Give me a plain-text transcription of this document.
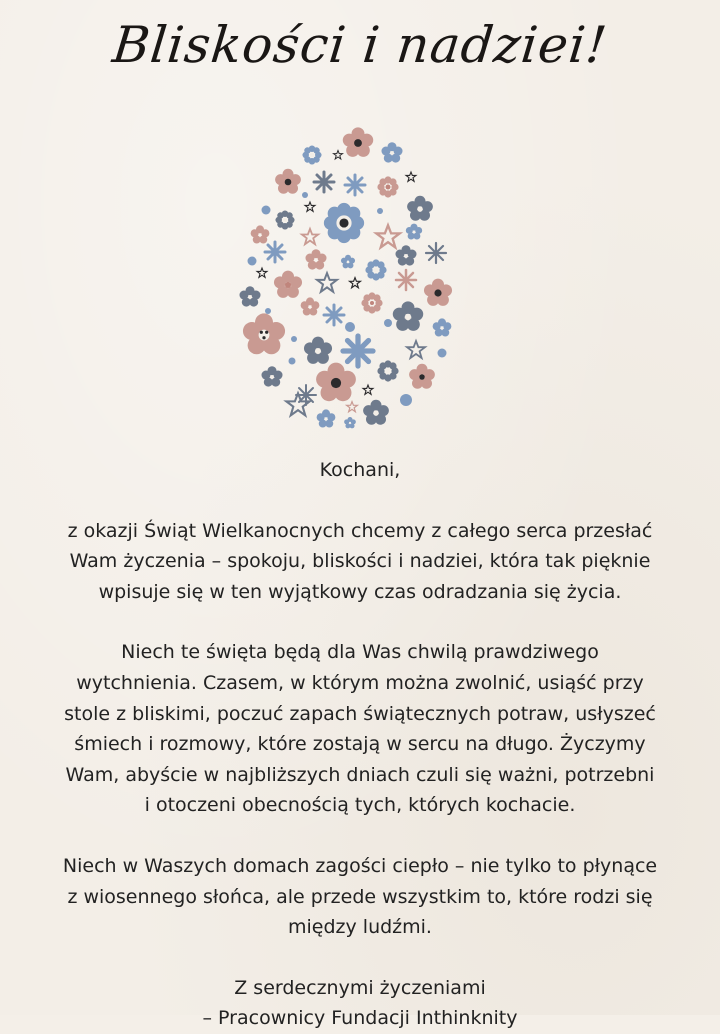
Bliskości i nadziei!

Kochani,

z okazji Świąt Wielkanocnych chcemy z całego serca przesłać
Wam życzenia – spokoju, bliskości i nadziei, która tak pięknie
wpisuje się w ten wyjątkowy czas odradzania się życia.

Niech te święta będą dla Was chwilą prawdziwego
wytchnienia. Czasem, w którym można zwolnić, usiąść przy
stole z bliskimi, poczuć zapach świątecznych potraw, usłyszeć
śmiech i rozmowy, które zostają w sercu na długo. Życzymy
Wam, abyście w najbliższych dniach czuli się ważni, potrzebni
i otoczeni obecnością tych, których kochacie.

Niech w Waszych domach zagości ciepło – nie tylko to płynące
z wiosennego słońca, ale przede wszystkim to, które rodzi się
między ludźmi.

Z serdecznymi życzeniami

– Pracownicy Fundacji Inthinknity
